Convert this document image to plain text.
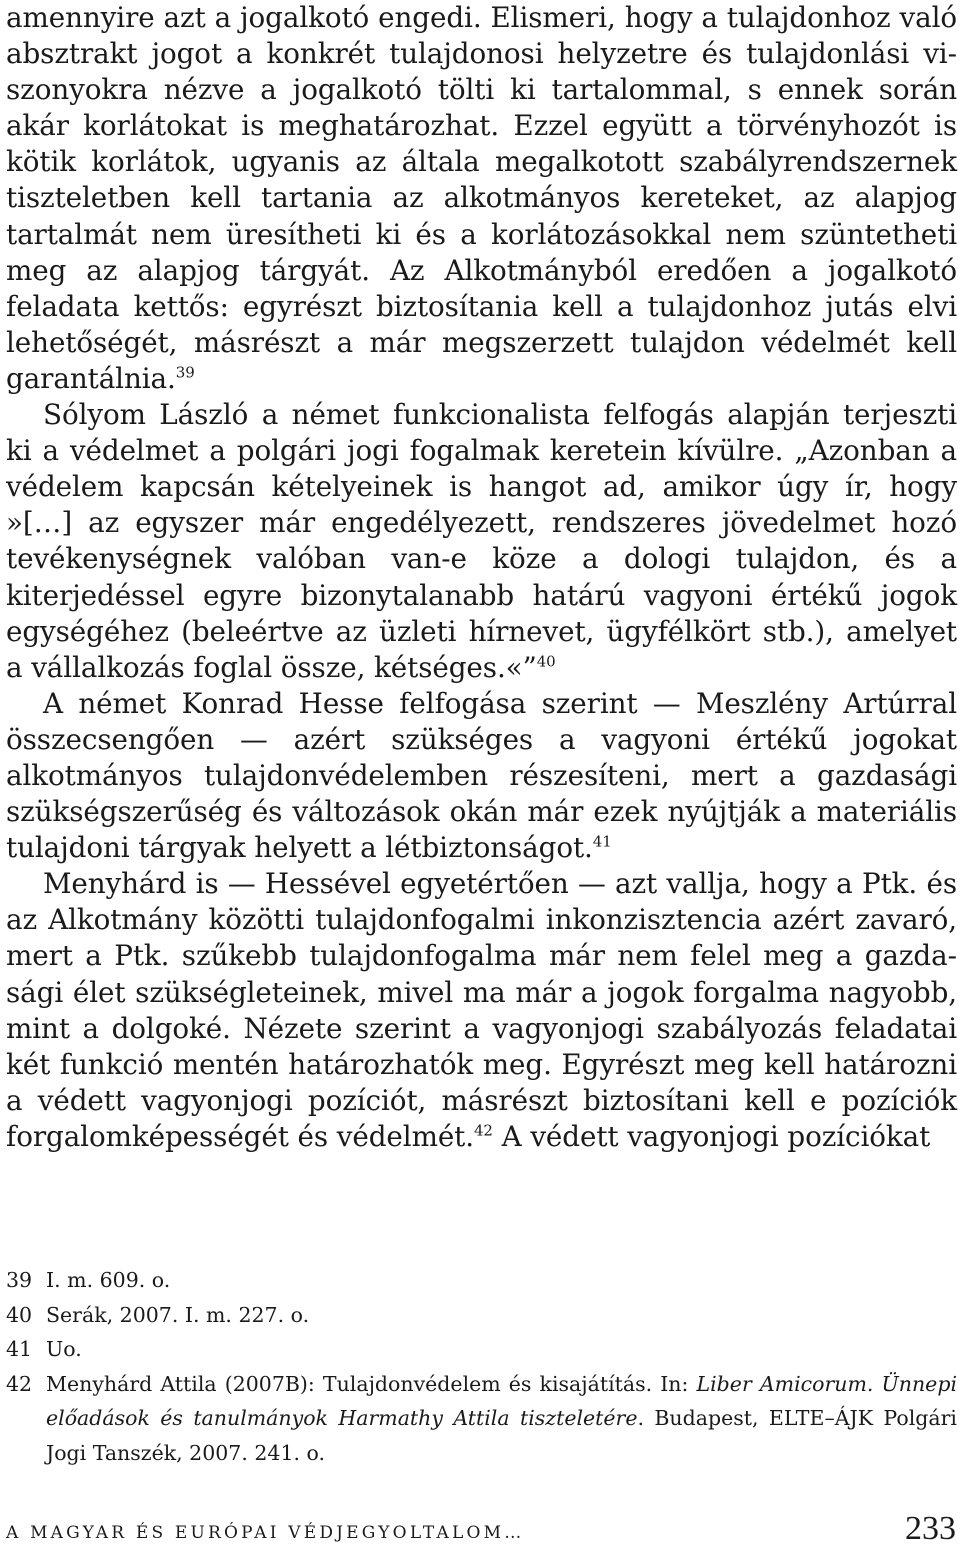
amennyire azt a jogalkotó engedi. Elismeri, hogy a tulajdonhoz való absztrakt jogot a konkrét tulajdonosi helyzetre és tulajdonlási viszonyokra nézve a jogalkotó tölti ki tartalommal, s ennek során akár korlátokat is meghatározhat. Ezzel együtt a törvényhozót is kötik korlátok, ugyanis az általa megalkotott szabályrendszernek tiszteletben kell tartania az alkotmányos kereteket, az alapjog tartalmát nem üresítheti ki és a korlátozásokkal nem szüntetheti meg az alapjog tárgyát. Az Alkotmányból eredően a jogalkotó feladata kettős: egyrészt biztosítania kell a tulajdonhoz jutás elvi lehetőségét, másrészt a már megszerzett tulajdon védelmét kell garantálnia.$^{39}$

Sólyom László a német funkcionalista felfogás alapján terjeszti ki a védelmet a polgári jogi fogalmak keretein kívülre. „Azonban a védelem kapcsán kételyeinek is hangot ad, amikor úgy ír, hogy »[…] az egyszer már engedélyezett, rendszeres jövedelmet hozó tevékenységnek valóban van-e köze a dologi tulajdon, és a kiterjedéssel egyre bizonytalanabb határú vagyoni értékű jogok egységéhez (beleértve az üzleti hírnevet, ügyfélkört stb.), amelyet a vállalkozás foglal össze, kétséges.«”$^{40}$

A német Konrad Hesse felfogása szerint — Meszlény Artúrral összecsengően — azért szükséges a vagyoni értékű jogokat alkotmányos tulajdonvédelemben részesíteni, mert a gazdasági szükségszerűség és változások okán már ezek nyújtják a materiális tulajdoni tárgyak helyett a létbiztonságot.$^{41}$

Menyhárd is — Hessével egyetértően — azt vallja, hogy a Ptk. és az Alkotmány közötti tulajdonfogalmi inkonzisztencia azért zavaró, mert a Ptk. szűkebb tulajdonfogalma már nem felel meg a gazdasági élet szükségleteinek, mivel ma már a jogok forgalma nagyobb, mint a dolgoké. Nézete szerint a vagyonjogi szabályozás feladatai két funkció mentén határozhatók meg. Egyrészt meg kell határozni a védett vagyonjogi pozíciót, másrészt biztosítani kell e pozíciók forgalomképességét és védelmét.$^{42}$ A védett vagyonjogi pozíciókat

39 I. m. 609. o.
40 Serák, 2007. I. m. 227. o.
41 Uo.
42 Menyhárd Attila (2007B): Tulajdonvédelem és kisajátítás. In: Liber Amicorum. Ünnepi előadások és tanulmányok Harmathy Attila tiszteletére. Budapest, ELTE–ÁJK Polgári Jogi Tanszék, 2007. 241. o.
A MAGYAR ÉS EURÓPAI VÉDJEGYOLTALOM…	233
